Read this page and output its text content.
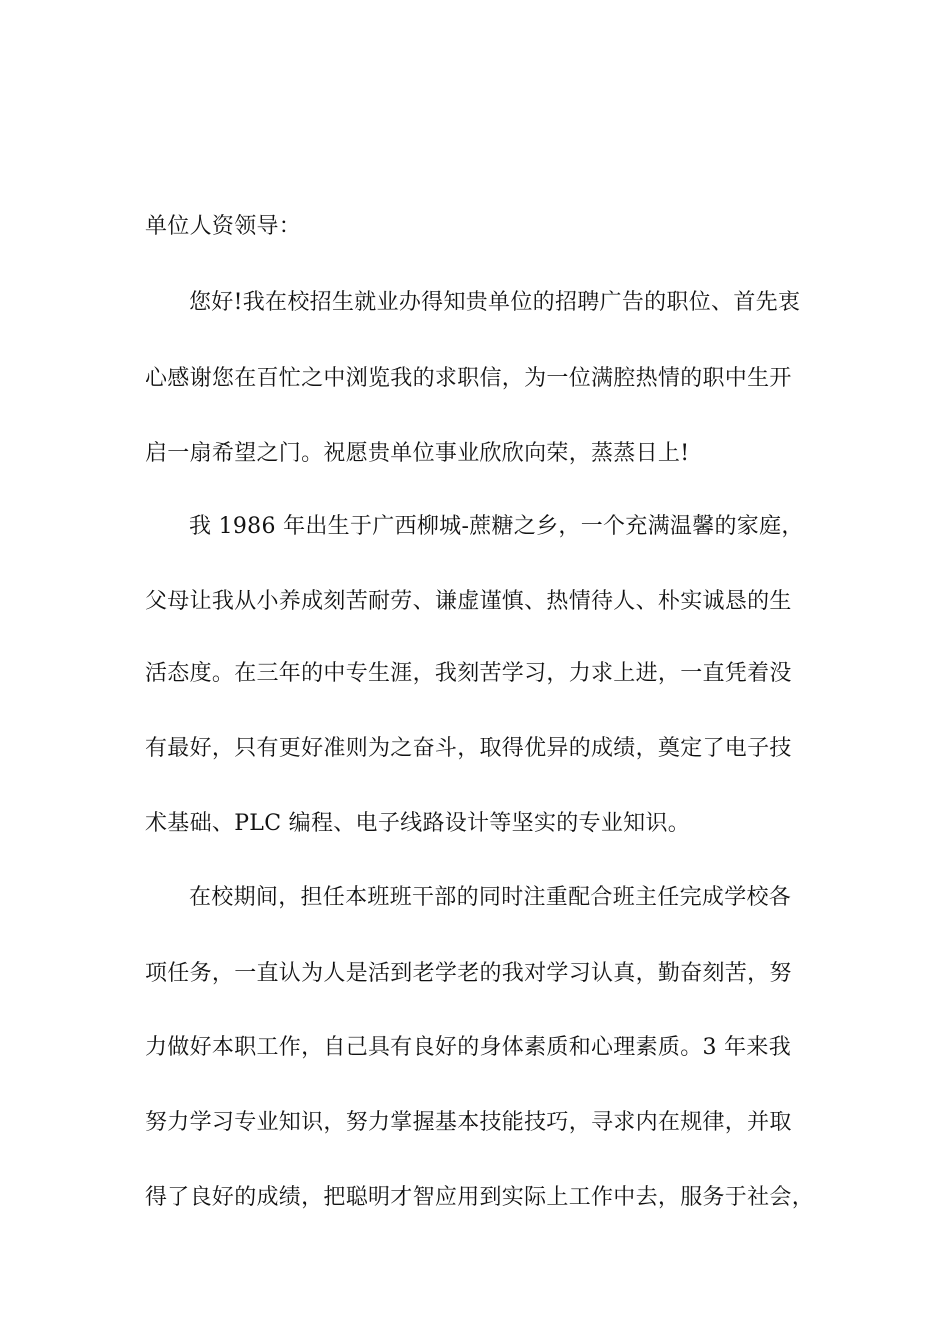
单位人资领导：
您好!我在校招生就业办得知贵单位的招聘广告的职位、首先衷
心感谢您在百忙之中浏览我的求职信，为一位满腔热情的职中生开
启一扇希望之门。祝愿贵单位事业欣欣向荣，蒸蒸日上!
我 1986 年出生于广西柳城-蔗糖之乡，一个充满温馨的家庭，
父母让我从小养成刻苦耐劳、谦虚谨慎、热情待人、朴实诚恳的生
活态度。在三年的中专生涯，我刻苦学习，力求上进，一直凭着没
有最好，只有更好准则为之奋斗，取得优异的成绩，奠定了电子技
术基础、PLC 编程、电子线路设计等坚实的专业知识。
在校期间，担任本班班干部的同时注重配合班主任完成学校各
项任务，一直认为人是活到老学老的我对学习认真，勤奋刻苦，努
力做好本职工作，自己具有良好的身体素质和心理素质。3 年来我
努力学习专业知识，努力掌握基本技能技巧，寻求内在规律，并取
得了良好的成绩，把聪明才智应用到实际上工作中去，服务于社会，
